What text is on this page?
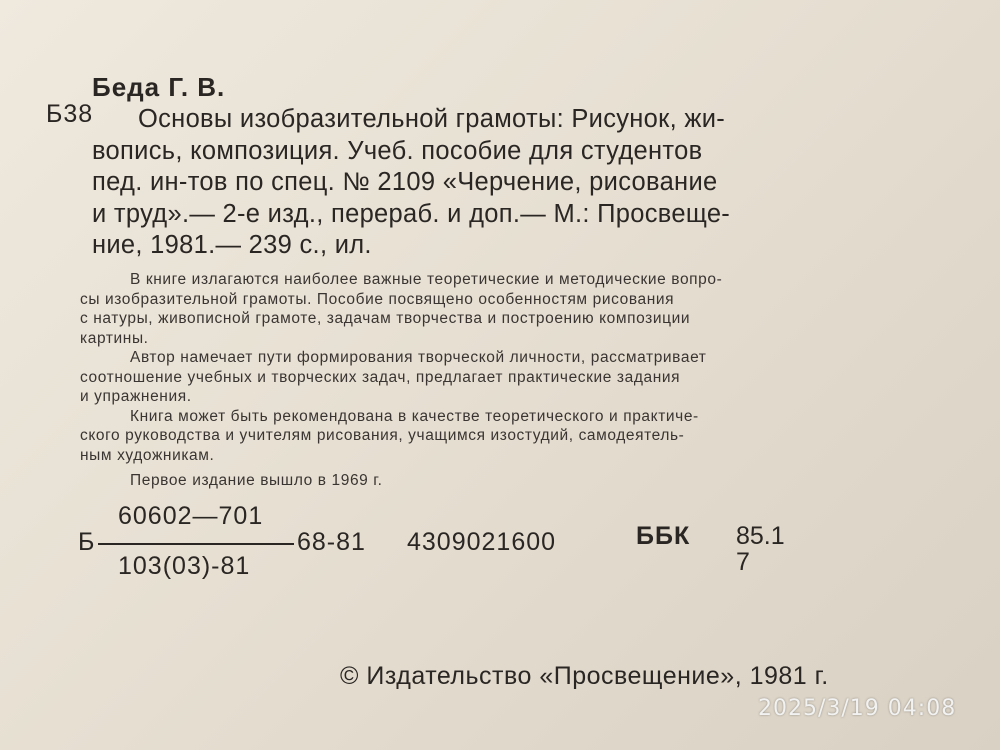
Беда Г. В.
Б38	Основы изобразительной грамоты: Рисунок, жи-
вопись, композиция. Учеб. пособие для студентов
пед. ин-тов по спец. № 2109 «Черчение, рисование
и труд».— 2-е изд., перераб. и доп.— М.: Просвеще-
ние, 1981.— 239 с., ил.
В книге излагаются наиболее важные теоретические и методические вопро-
сы изобразительной грамоты. Пособие посвящено особенностям рисования
с натуры, живописной грамоте, задачам творчества и построению композиции
картины.
Автор намечает пути формирования творческой личности, рассматривает
соотношение учебных и творческих задач, предлагает практические задания
и упражнения.
Книга может быть рекомендована в качестве теоретического и практиче-
ского руководства и учителям рисования, учащимся изостудий, самодеятель-
ным художникам.
Первое издание вышло в 1969 г.
60602—701
Б
103(03)-81
68-81 4309021600	ББК 85.1
7
© Издательство «Просвещение», 1981 г.
2025/3/19 04:08
